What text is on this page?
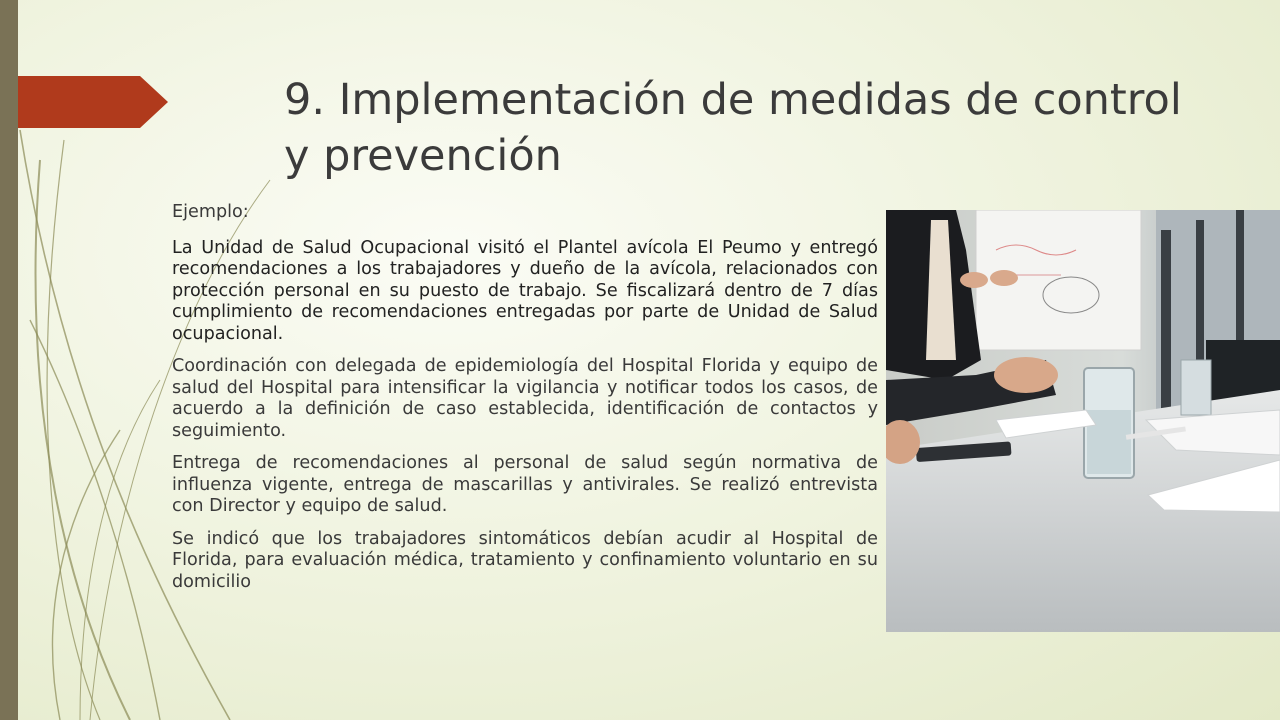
9. Implementación de medidas de control y prevención

Ejemplo:

La Unidad de Salud Ocupacional visitó el Plantel avícola El Peumo y entregó recomendaciones a los trabajadores y dueño de la avícola, relacionados con protección personal en su puesto de trabajo. Se fiscalizará dentro de 7 días cumplimiento de recomendaciones entregadas por parte de Unidad de Salud ocupacional.

Coordinación con delegada de epidemiología del Hospital Florida y equipo de salud del Hospital para intensificar la vigilancia y notificar todos los casos, de acuerdo a la definición de caso establecida, identificación de contactos y seguimiento.

Entrega de recomendaciones al personal de salud según normativa de influenza vigente, entrega de mascarillas y antivirales. Se realizó entrevista con Director y equipo de salud.

Se indicó que los trabajadores sintomáticos debían acudir al Hospital de Florida, para evaluación médica, tratamiento y confinamiento voluntario en su domicilio
